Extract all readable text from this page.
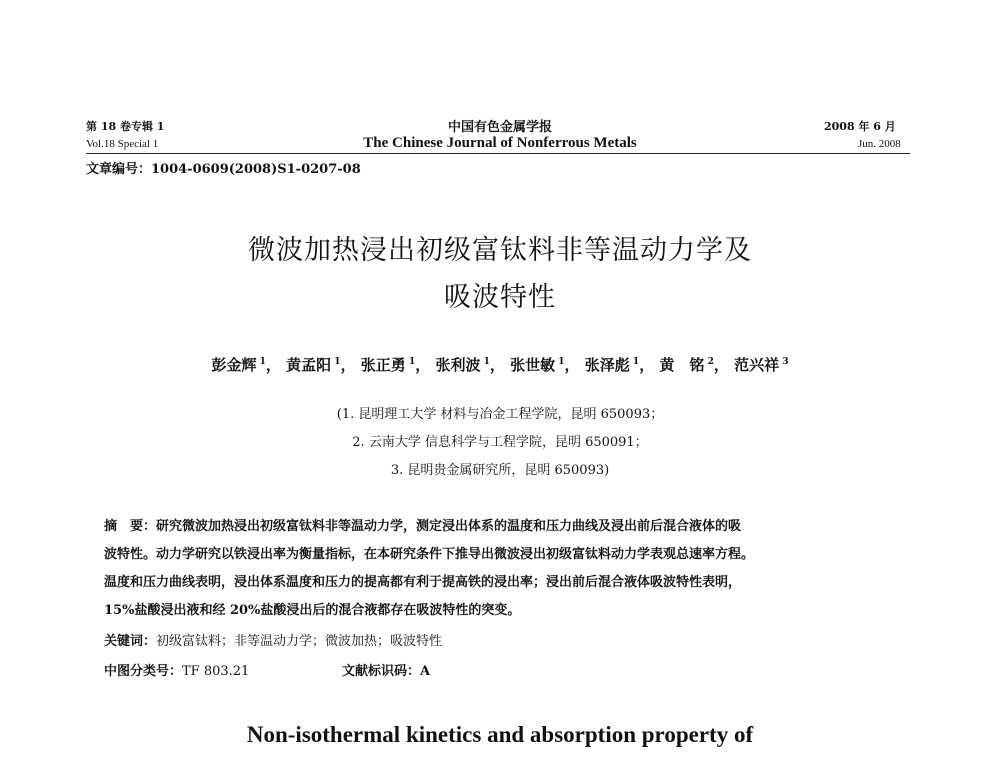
第 18 卷专辑 1	中国有色金属学报	2008 年 6 月
Vol.18 Special 1	The Chinese Journal of Nonferrous Metals	Jun. 2008
文章编号：1004-0609(2008)S1-0207-08
微波加热浸出初级富钛料非等温动力学及
吸波特性
彭金辉 $^1$， 黄孟阳 $^1$， 张正勇 $^1$， 张利波 $^1$， 张世敏 $^1$， 张泽彪 $^1$， 黄　铭 $^2$， 范兴祥 $^3$
(1. 昆明理工大学 材料与冶金工程学院，昆明 650093；
2. 云南大学 信息科学与工程学院，昆明 650091；
3. 昆明贵金属研究所，昆明 650093)
摘　要：研究微波加热浸出初级富钛料非等温动力学，测定浸出体系的温度和压力曲线及浸出前后混合液体的吸
波特性。动力学研究以铁浸出率为衡量指标，在本研究条件下推导出微波浸出初级富钛料动力学表观总速率方程。
温度和压力曲线表明，浸出体系温度和压力的提高都有利于提高铁的浸出率；浸出前后混合液体吸波特性表明，
15%盐酸浸出液和经 20%盐酸浸出后的混合液都存在吸波特性的突变。
关键词：初级富钛料；非等温动力学；微波加热；吸波特性
中图分类号：TF 803.21	文献标识码：A
Non-isothermal kinetics and absorption property of
